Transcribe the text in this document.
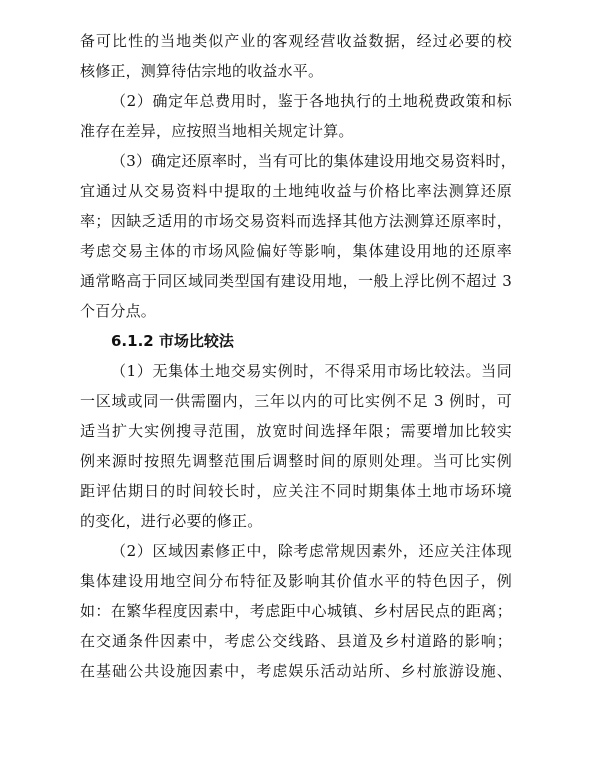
备可比性的当地类似产业的客观经营收益数据，经过必要的校
核修正，测算待估宗地的收益水平。
（2）确定年总费用时，鉴于各地执行的土地税费政策和标
准存在差异，应按照当地相关规定计算。
（3）确定还原率时，当有可比的集体建设用地交易资料时，
宜通过从交易资料中提取的土地纯收益与价格比率法测算还原
率；因缺乏适用的市场交易资料而选择其他方法测算还原率时，
考虑交易主体的市场风险偏好等影响，集体建设用地的还原率
通常略高于同区域同类型国有建设用地，一般上浮比例不超过 3
个百分点。
6.1.2 市场比较法
（1）无集体土地交易实例时，不得采用市场比较法。当同
一区域或同一供需圈内，三年以内的可比实例不足 3 例时，可
适当扩大实例搜寻范围，放宽时间选择年限；需要增加比较实
例来源时按照先调整范围后调整时间的原则处理。当可比实例
距评估期日的时间较长时，应关注不同时期集体土地市场环境
的变化，进行必要的修正。
（2）区域因素修正中，除考虑常规因素外，还应关注体现
集体建设用地空间分布特征及影响其价值水平的特色因子，例
如：在繁华程度因素中，考虑距中心城镇、乡村居民点的距离；
在交通条件因素中，考虑公交线路、县道及乡村道路的影响；
在基础公共设施因素中，考虑娱乐活动站所、乡村旅游设施、
